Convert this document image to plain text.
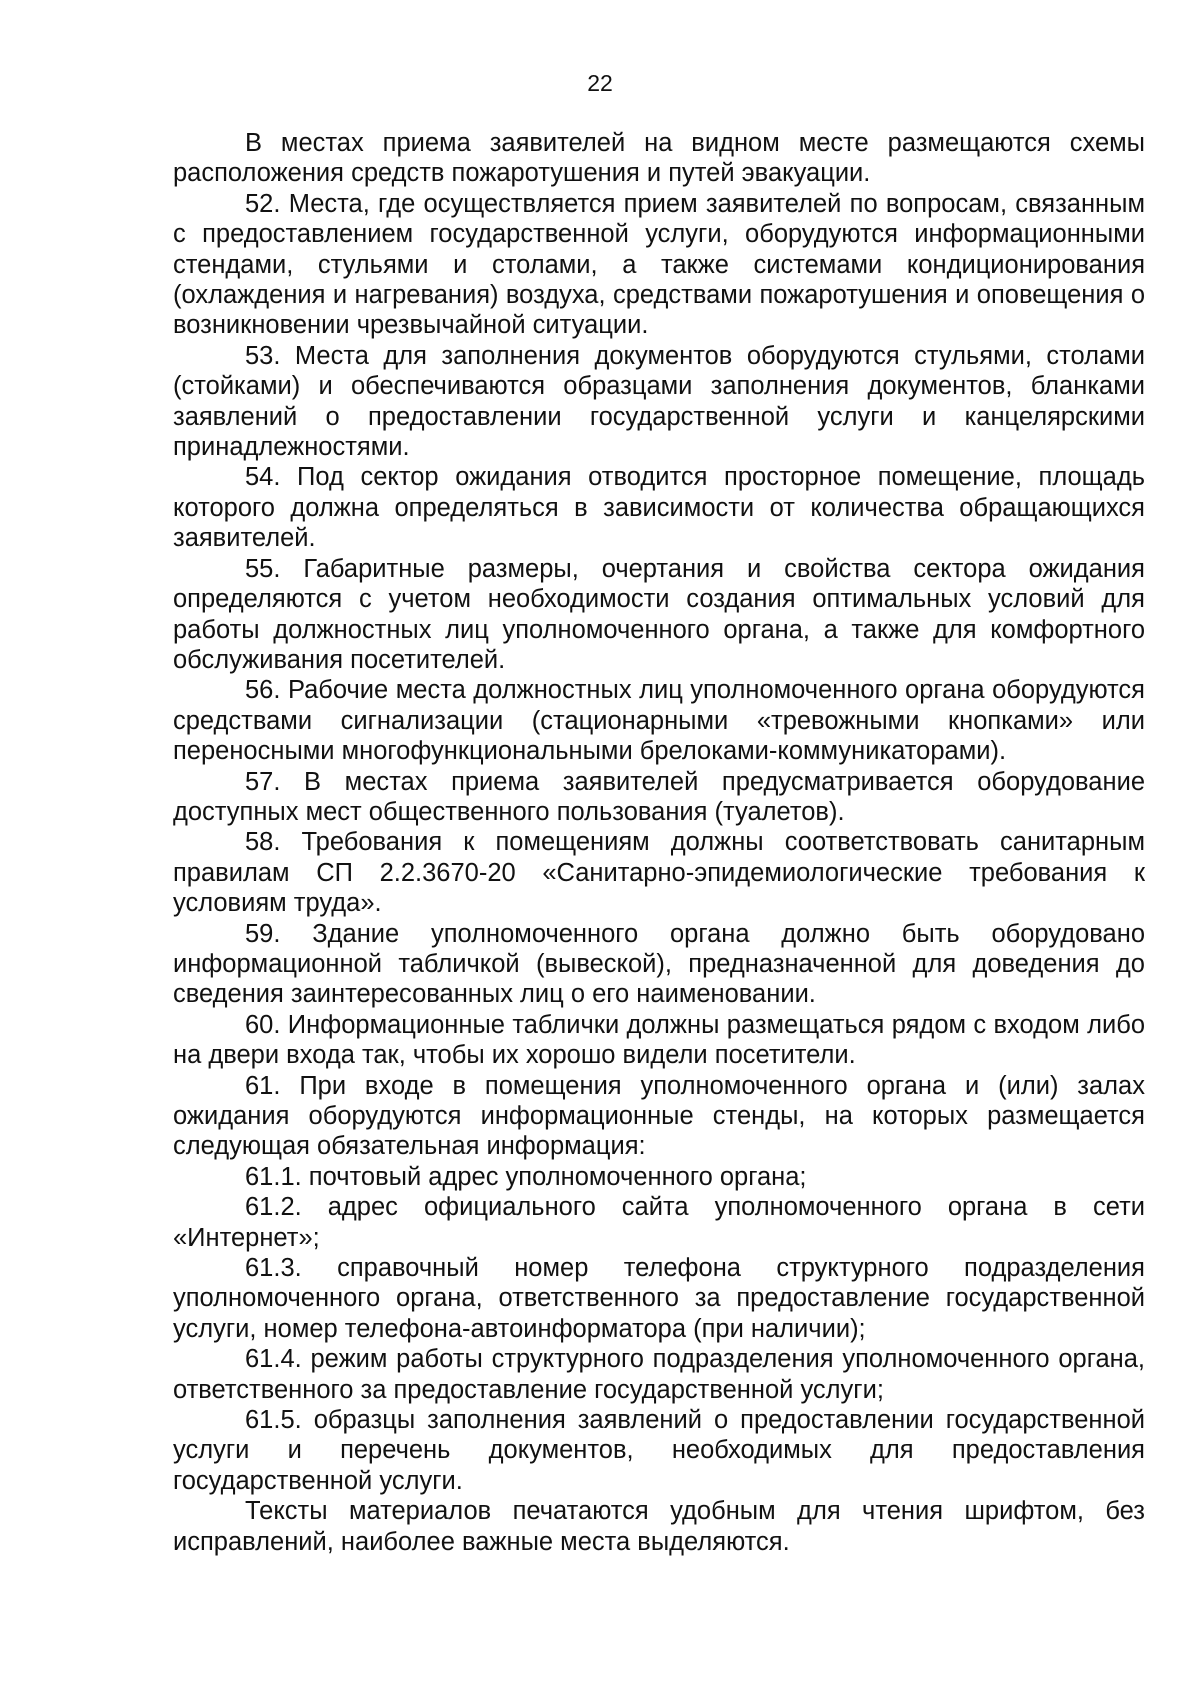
22

В местах приема заявителей на видном месте размещаются схемы расположения средств пожаротушения и путей эвакуации.

52. Места, где осуществляется прием заявителей по вопросам, связанным с предоставлением государственной услуги, оборудуются информационными стендами, стульями и столами, а также системами кондиционирования (охлаждения и нагревания) воздуха, средствами пожаротушения и оповещения о возникновении чрезвычайной ситуации.

53. Места для заполнения документов оборудуются стульями, столами (стойками) и обеспечиваются образцами заполнения документов, бланками заявлений о предоставлении государственной услуги и канцелярскими принадлежностями.

54. Под сектор ожидания отводится просторное помещение, площадь которого должна определяться в зависимости от количества обращающихся заявителей.

55. Габаритные размеры, очертания и свойства сектора ожидания определяются с учетом необходимости создания оптимальных условий для работы должностных лиц уполномоченного органа, а также для комфортного обслуживания посетителей.

56. Рабочие места должностных лиц уполномоченного органа оборудуются средствами сигнализации (стационарными «тревожными кнопками» или переносными многофункциональными брелоками-коммуникаторами).

57. В местах приема заявителей предусматривается оборудование доступных мест общественного пользования (туалетов).

58. Требования к помещениям должны соответствовать санитарным правилам СП 2.2.3670-20 «Санитарно-эпидемиологические требования к условиям труда».

59. Здание уполномоченного органа должно быть оборудовано информационной табличкой (вывеской), предназначенной для доведения до сведения заинтересованных лиц о его наименовании.

60. Информационные таблички должны размещаться рядом с входом либо на двери входа так, чтобы их хорошо видели посетители.

61. При входе в помещения уполномоченного органа и (или) залах ожидания оборудуются информационные стенды, на которых размещается следующая обязательная информация:

61.1. почтовый адрес уполномоченного органа;

61.2. адрес официального сайта уполномоченного органа в сети «Интернет»;

61.3. справочный номер телефона структурного подразделения уполномоченного органа, ответственного за предоставление государственной услуги, номер телефона-автоинформатора (при наличии);

61.4. режим работы структурного подразделения уполномоченного органа, ответственного за предоставление государственной услуги;

61.5. образцы заполнения заявлений о предоставлении государственной услуги и перечень документов, необходимых для предоставления государственной услуги.

Тексты материалов печатаются удобным для чтения шрифтом, без исправлений, наиболее важные места выделяются.
